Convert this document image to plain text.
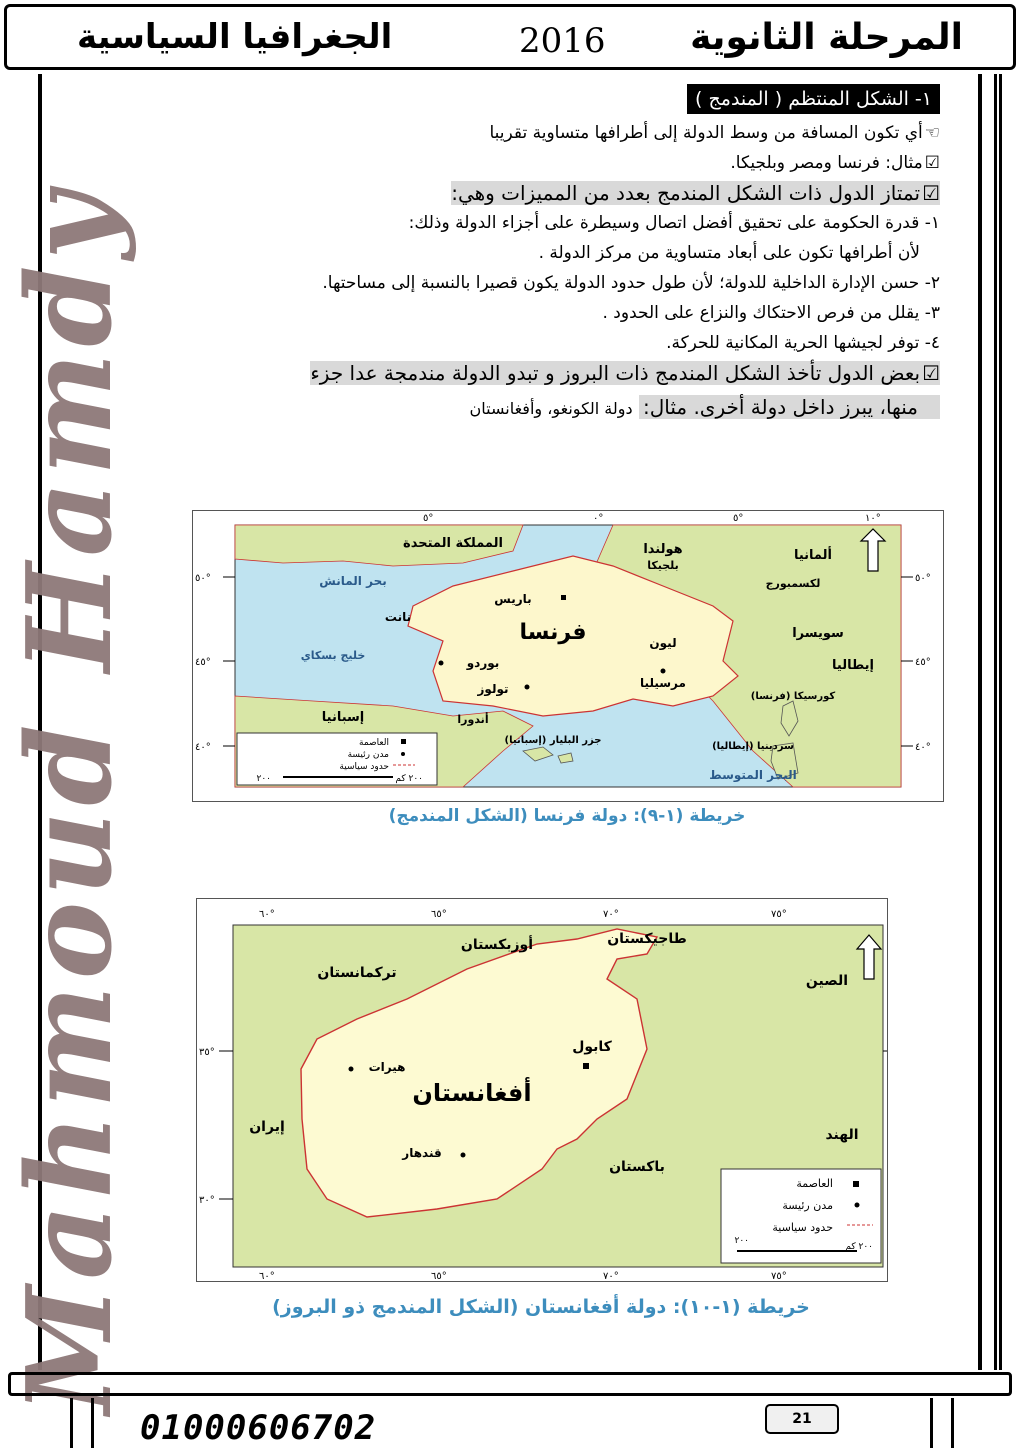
الجغرافيا السياسية	2016 المرحلة الثانوية
Mahmoud Hamdy
١- الشكل المنتظم ( المندمج )
☜أي تكون المسافة من وسط الدولة إلى أطرافها متساوية تقريبا
☑مثال: فرنسا ومصر وبلجيكا.
☑تمتاز الدول ذات الشكل المندمج بعدد من المميزات وهي:
١- قدرة الحكومة على تحقيق أفضل اتصال وسيطرة على أجزاء الدولة وذلك:
لأن أطرافها تكون على أبعاد متساوية من مركز الدولة .
٢- حسن الإدارة الداخلية للدولة؛ لأن طول حدود الدولة يكون قصيرا بالنسبة إلى مساحتها.
٣- يقلل من فرص الاحتكاك والنزاع على الحدود .
٤- توفر لجيشها الحرية المكانية للحركة.
☑بعض الدول تأخذ الشكل المندمج ذات البروز و تبدو الدولة مندمجة عدا جزء
منها، يبرز داخل دولة أخرى. مثال: دولة الكونغو، وأفغانستان
٥٠°
٤٥°
٤٠°
٥٠°
٤٥°
٤٠°
٥°	٠°	٥°	١٠°
المملكة المتحدة	هولندا
بلجيكا
ألمانيا
لكسمبورج
بحر المانش
باريس
نانت
فرنسا	سويسرا
خليج بسكاي
بوردو
ليون
إيطاليا
تولوز	مرسيليا
إسبانيا	أندورا
كورسيكا (فرنسا)
جزر البليار (إسبانيا)
سردينيا (إيطاليا)
البحر المتوسط
العاصمة
مدن رئيسة
حدود سياسية
٢٠٠ كم
٢٠٠
خريطة (١-٩): دولة فرنسا (الشكل المندمج)
٣٥°
٣٠°
٦٠°	٦٥°	٧٠°	٧٥°
٦٠°	٦٥°	٧٠°	٧٥°
أوزبكستان	طاجيكستان
تركمانستان	الصين
كابول
هيرات
أفغانستان
إيران	الهند
قندهار
باكستان
العاصمة
مدن رئيسة
حدود سياسية
٢٠٠ كم
٢٠٠
خريطة (١-١٠): دولة أفغانستان (الشكل المندمج ذو البروز)
01000606702	21
